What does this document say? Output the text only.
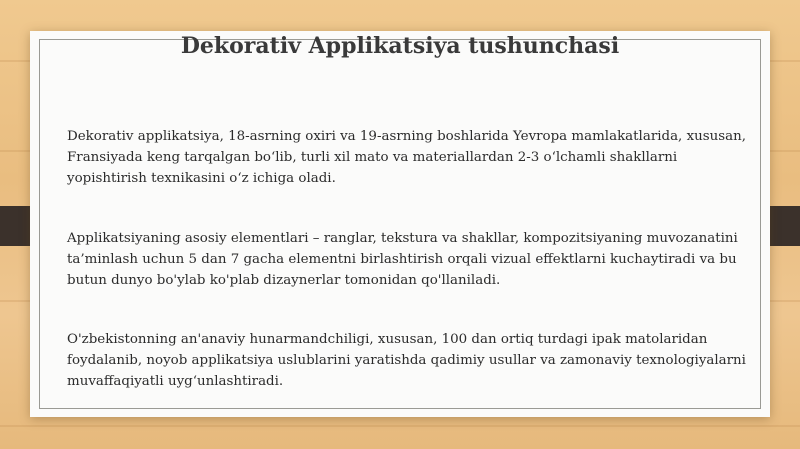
Dekorativ Applikatsiya tushunchasi

Dekorativ applikatsiya, 18-asrning oxiri va 19-asrning boshlarida Yevropa mamlakatlarida, xususan, Fransiyada keng tarqalgan boʻlib, turli xil mato va materiallardan 2-3 oʻlchamli shakllarni yopishtirish texnikasini oʻz ichiga oladi.

Applikatsiyaning asosiy elementlari – ranglar, tekstura va shakllar, kompozitsiyaning muvozanatini ta’minlash uchun 5 dan 7 gacha elementni birlashtirish orqali vizual effektlarni kuchaytiradi va bu butun dunyo bo'ylab ko'plab dizaynerlar tomonidan qo'llaniladi.

O'zbekistonning an'anaviy hunarmandchiligi, xususan, 100 dan ortiq turdagi ipak matolaridan foydalanib, noyob applikatsiya uslublarini yaratishda qadimiy usullar va zamonaviy texnologiyalarni muvaffaqiyatli uyg‘unlashtiradi.
